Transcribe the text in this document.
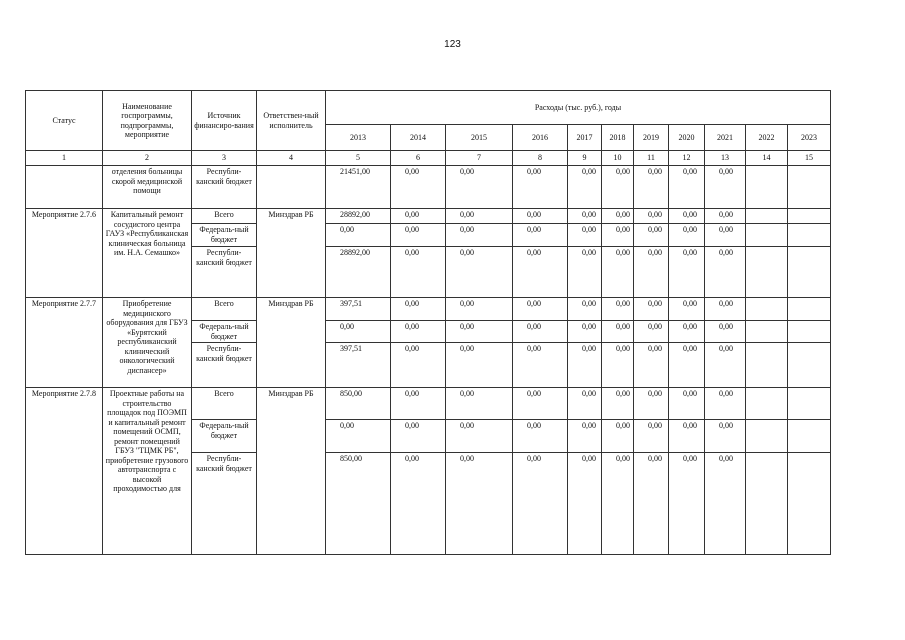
123
Статус	Наименование госпрограммы, подпрограммы, мероприятие	Источник финансиро-вания	Ответствен-ный исполнитель	Расходы (тыс. руб.), годы										
				2013	2014	2015	2016	2017	2018	2019	2020	2021	2022	2023
1	2	3	4	5	6	7	8	9	10	11	12	13	14	15
	отделения больницы скорой медицинской помощи	Республи-канский бюджет		21451,00	0,00	0,00	0,00	0,00	0,00	0,00	0,00	0,00		
Мероприятие 2.7.6	Капитальный ремонт сосудистого центра ГАУЗ «Республиканская клиническая больница им. Н.А. Семашко»	Всего	Минздрав РБ	28892,00	0,00	0,00	0,00	0,00	0,00	0,00	0,00	0,00		
		Федераль-ный бюджет		0,00	0,00	0,00	0,00	0,00	0,00	0,00	0,00	0,00		
		Республи-канский бюджет		28892,00	0,00	0,00	0,00	0,00	0,00	0,00	0,00	0,00		
Мероприятие 2.7.7	Приобретение медицинского оборудования для ГБУЗ «Бурятский республиканский клинический онкологический диспансер»	Всего	Минздрав РБ	397,51	0,00	0,00	0,00	0,00	0,00	0,00	0,00	0,00		
		Федераль-ный бюджет		0,00	0,00	0,00	0,00	0,00	0,00	0,00	0,00	0,00		
		Республи-канский бюджет		397,51	0,00	0,00	0,00	0,00	0,00	0,00	0,00	0,00		
Мероприятие 2.7.8	Проектные работы на строительство площадок под ПОЭМП и капитальный ремонт помещений ОСМП, ремонт помещений ГБУЗ "ТЦМК РБ", приобретение грузового автотранспорта с высокой проходимостью для	Всего	Минздрав РБ	850,00	0,00	0,00	0,00	0,00	0,00	0,00	0,00	0,00		
		Федераль-ный бюджет		0,00	0,00	0,00	0,00	0,00	0,00	0,00	0,00	0,00		
		Республи-канский бюджет		850,00	0,00	0,00	0,00	0,00	0,00	0,00	0,00	0,00		
